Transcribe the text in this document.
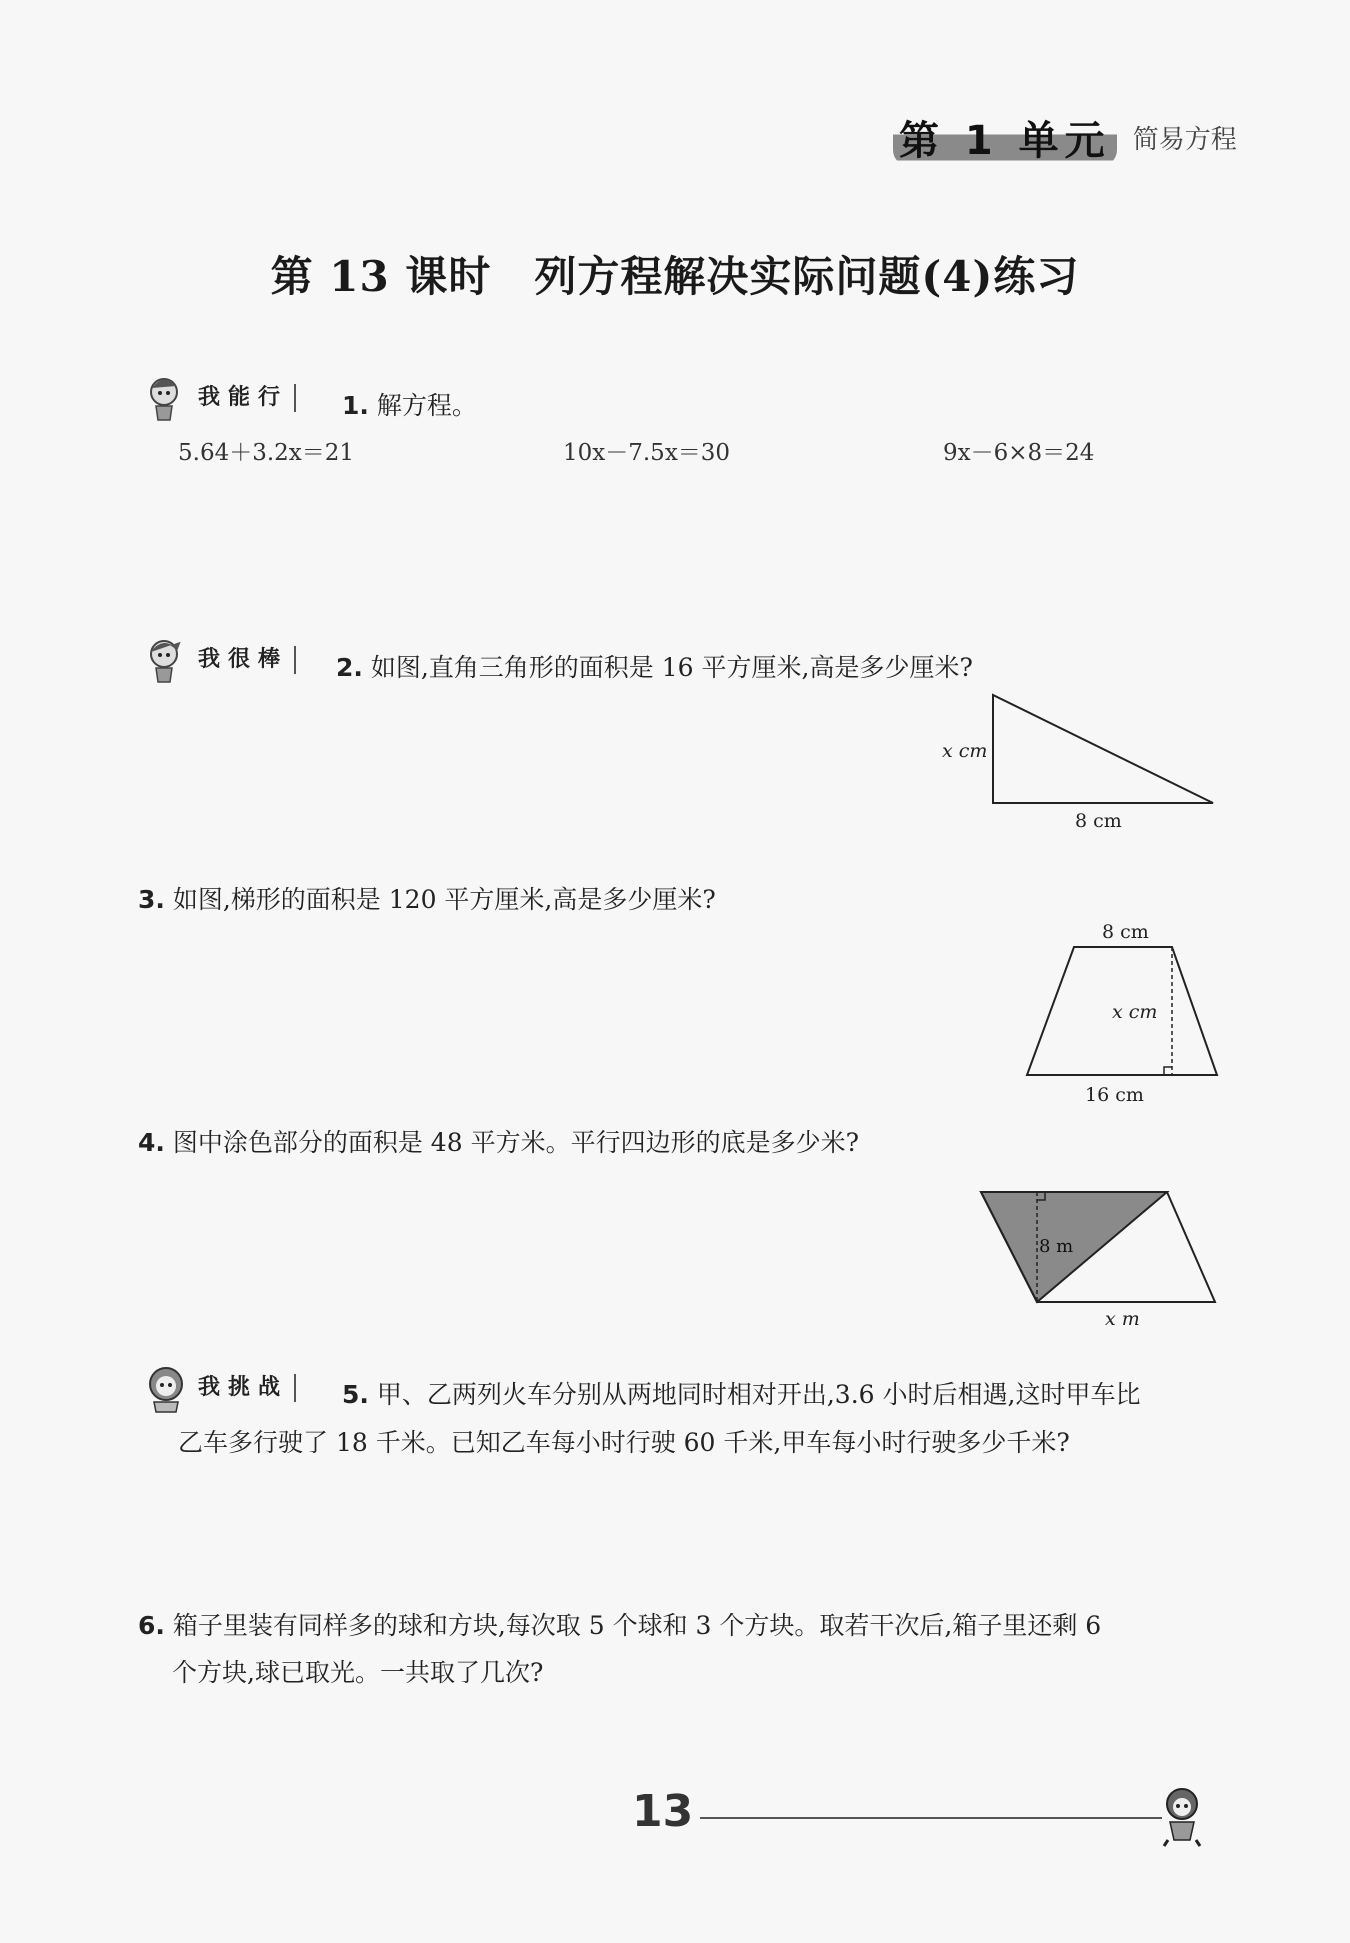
第 1 单元 简易方程
第 13 课时　列方程解决实际问题(4)练习
我能行	1. 解方程。
5.64＋3.2x＝21	10x－7.5x＝30	9x－6×8＝24
我很棒	2. 如图,直角三角形的面积是 16 平方厘米,高是多少厘米?
x cm
8 cm
3. 如图,梯形的面积是 120 平方厘米,高是多少厘米?
8 cm
x cm
16 cm
4. 图中涂色部分的面积是 48 平方米。平行四边形的底是多少米?
8 m
x m
我挑战	5. 甲、乙两列火车分别从两地同时相对开出,3.6 小时后相遇,这时甲车比
乙车多行驶了 18 千米。已知乙车每小时行驶 60 千米,甲车每小时行驶多少千米?
6. 箱子里装有同样多的球和方块,每次取 5 个球和 3 个方块。取若干次后,箱子里还剩 6
个方块,球已取光。一共取了几次?
13
